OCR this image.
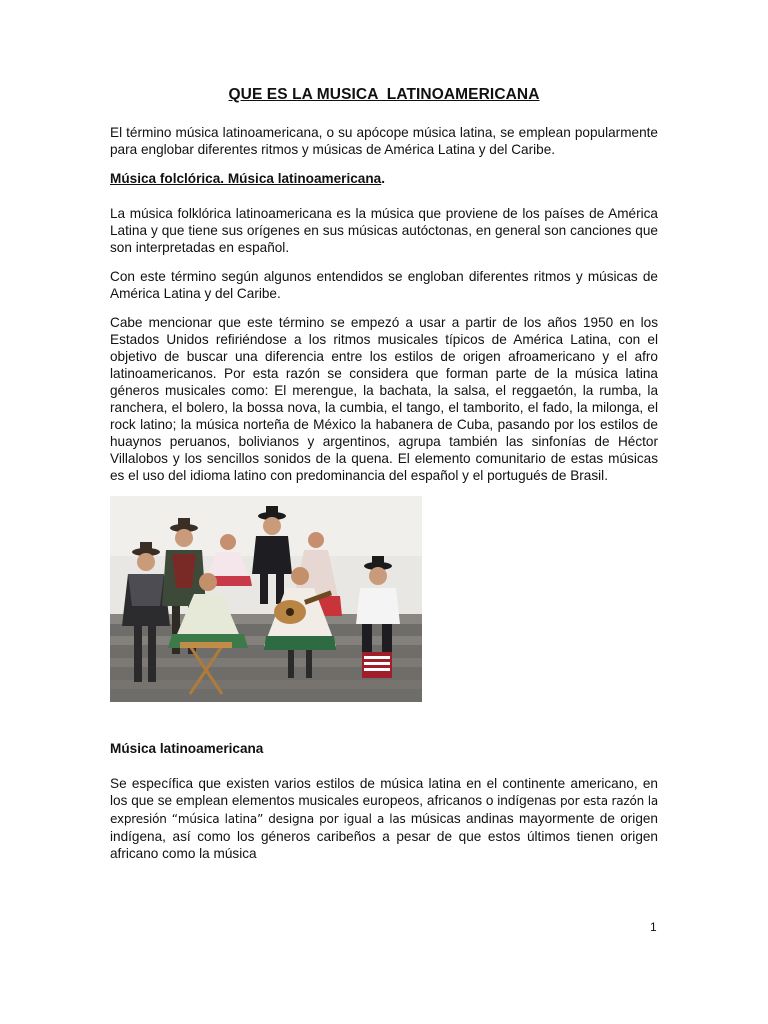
QUE ES LA MUSICA  LATINOAMERICANA

El término música latinoamericana, o su apócope música latina, se emplean popularmente para englobar diferentes ritmos y músicas de América Latina y del Caribe.

Música folclórica. Música latinoamericana.

La música folklórica latinoamericana es la música que proviene de los países de América Latina y que tiene sus orígenes en sus músicas autóctonas, en general son canciones que son interpretadas en español.

Con este término según algunos entendidos se engloban diferentes ritmos y músicas de América Latina y del Caribe.

Cabe mencionar que este término se empezó a usar a partir de los años 1950 en los Estados Unidos refiriéndose a los ritmos musicales típicos de América Latina, con el objetivo de buscar una diferencia entre los estilos de origen afroamericano y el afro latinoamericanos. Por esta razón se considera que forman parte de la música latina géneros musicales como: El merengue, la bachata, la salsa, el reggaetón, la rumba, la ranchera, el bolero, la bossa nova, la cumbia, el tango, el tamborito, el fado, la milonga, el rock latino; la música norteña de México la habanera de Cuba, pasando por los estilos de huaynos peruanos, bolivianos y argentinos, agrupa también las sinfonías de Héctor Villalobos y los sencillos sonidos de la quena. El elemento comunitario de estas músicas es el uso del idioma latino con predominancia del español y el portugués de Brasil.

Música latinoamericana

Se específica que existen varios estilos de música latina en el continente americano, en los que se emplean elementos musicales europeos, africanos o indígenas por esta razón la expresión “música latina” designa por igual a las músicas andinas mayormente de origen indígena, así como los géneros caribeños a pesar de que estos últimos tienen origen africano como la música

1
